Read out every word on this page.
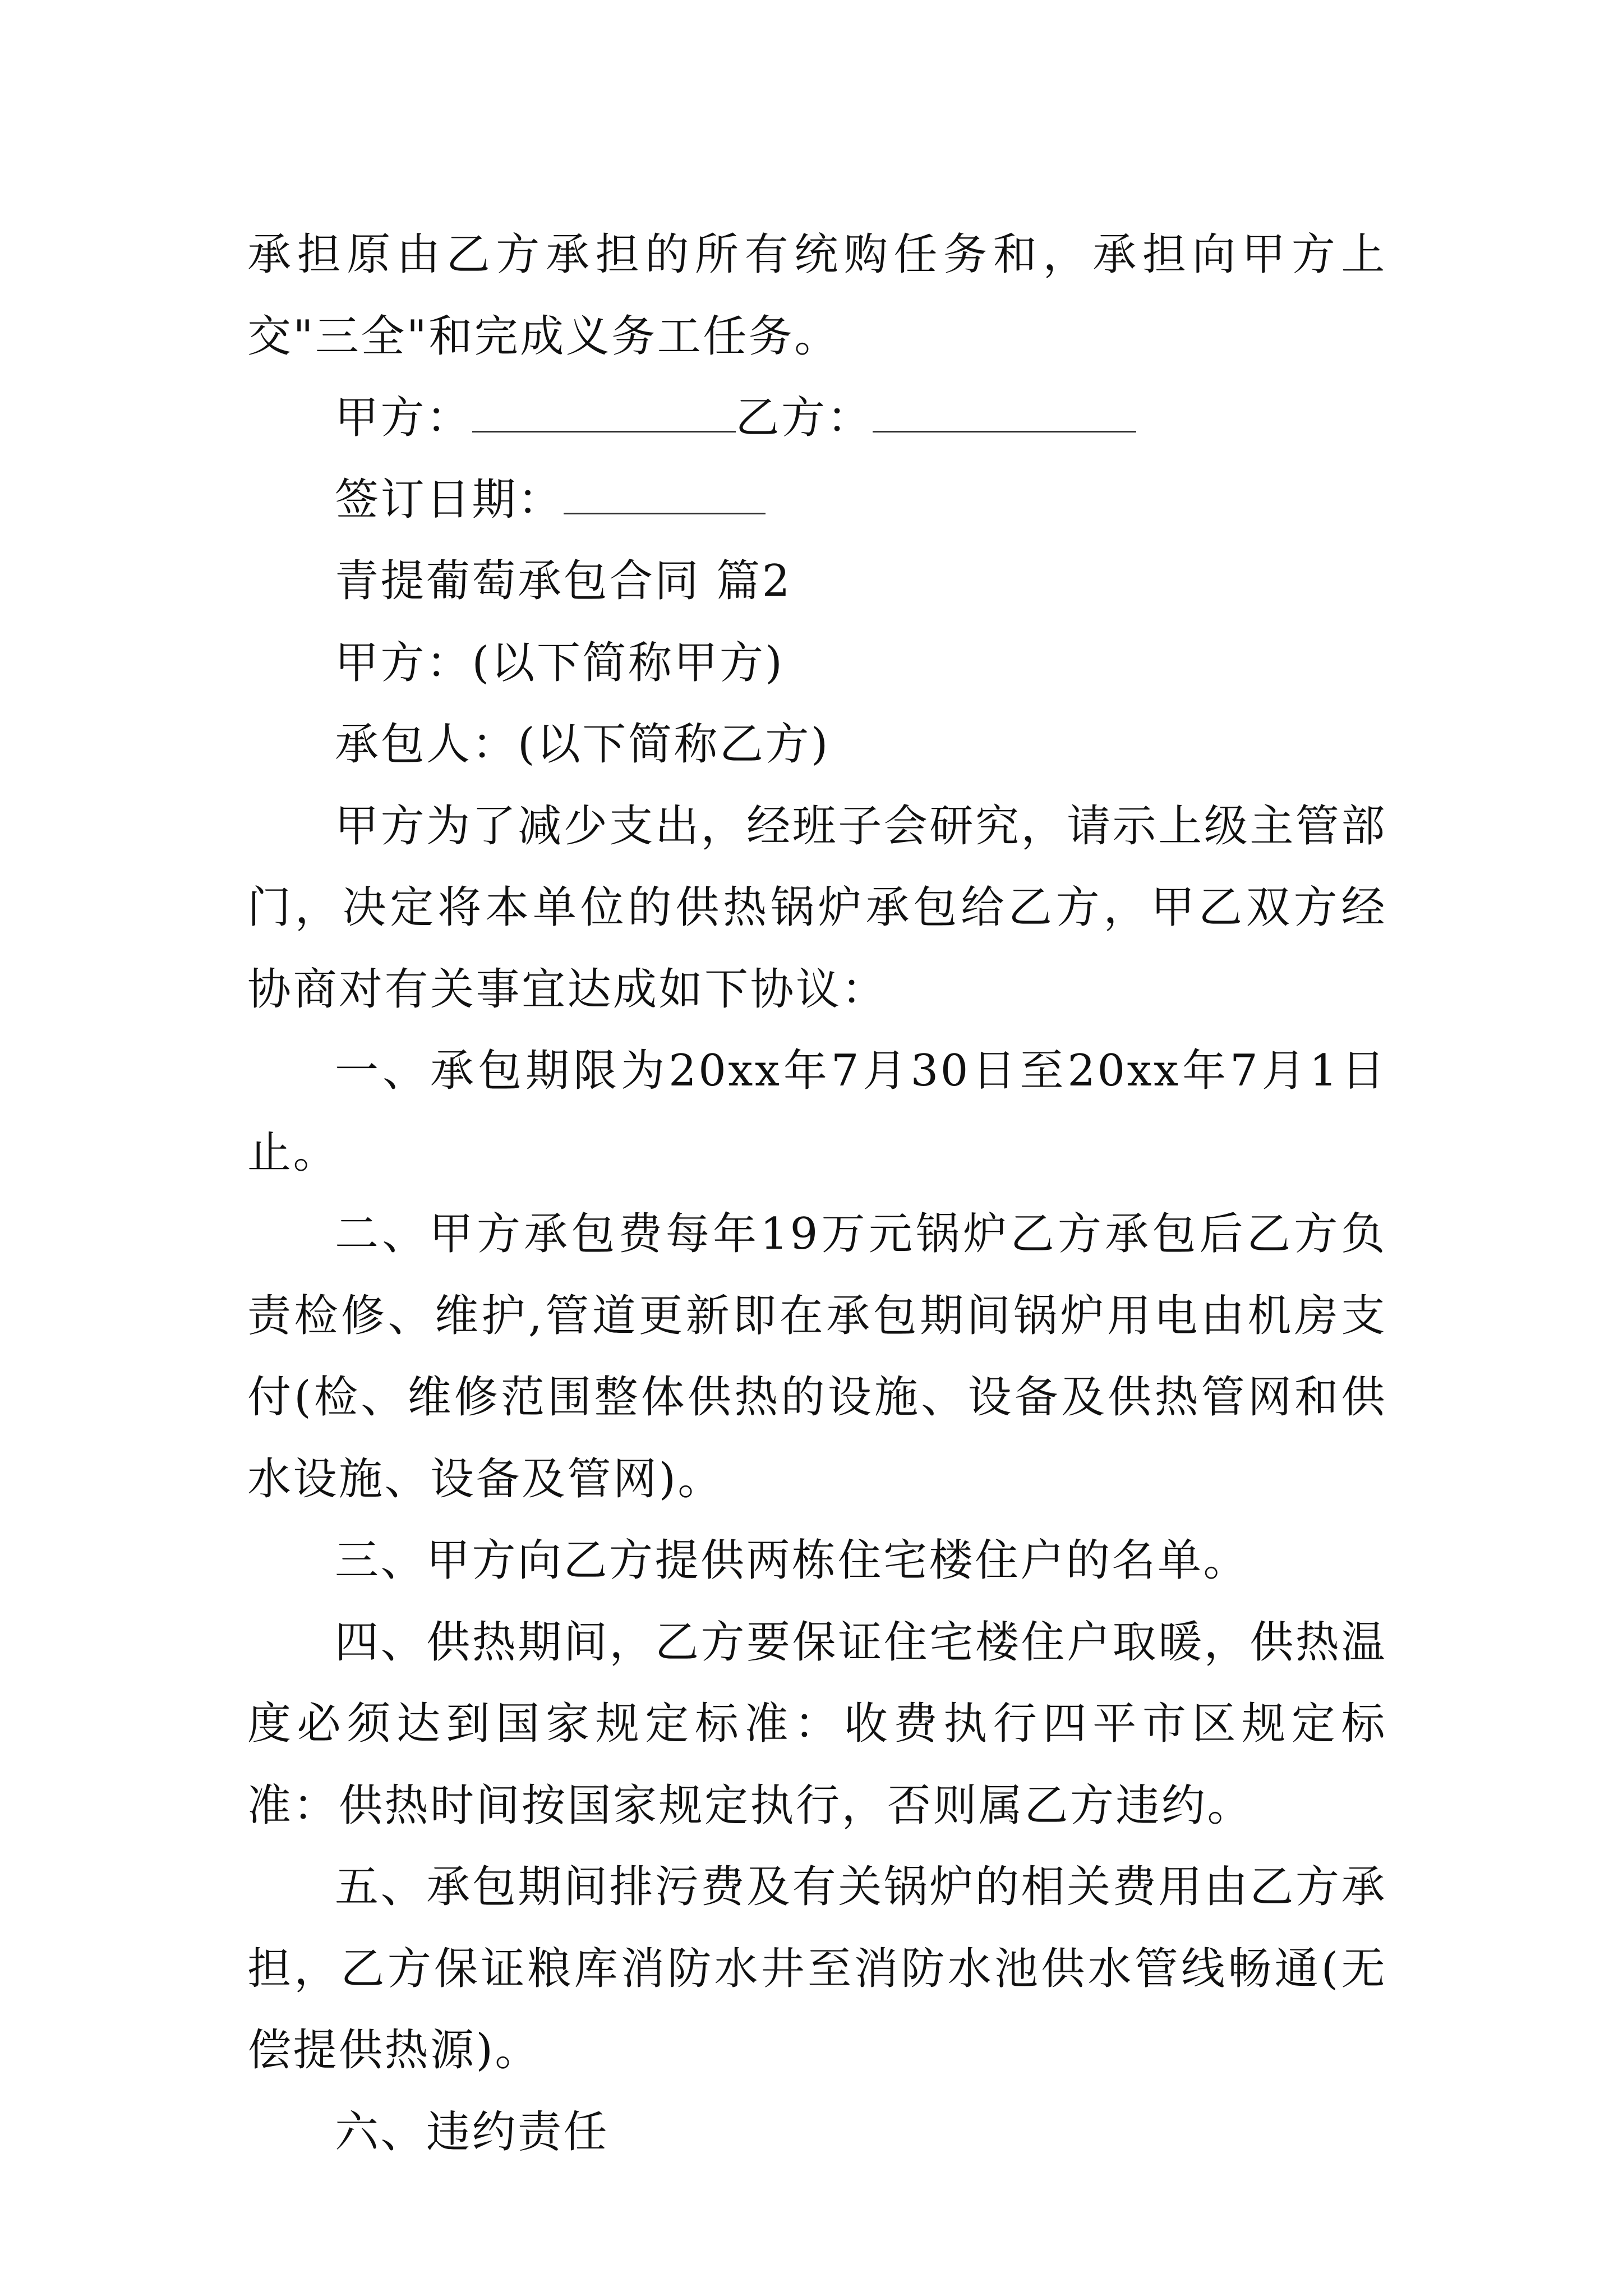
承担原由乙方承担的所有统购任务和，承担向甲方上交"三全"和完成义务工任务。

甲方：	乙方：

签订日期：

青提葡萄承包合同 篇2

甲方：(以下简称甲方)

承包人：(以下简称乙方)

甲方为了减少支出，经班子会研究，请示上级主管部门，决定将本单位的供热锅炉承包给乙方，甲乙双方经协商对有关事宜达成如下协议：

一、承包期限为20xx年7月30日至20xx年7月1日止。

二、甲方承包费每年19万元锅炉乙方承包后乙方负责检修、维护,管道更新即在承包期间锅炉用电由机房支付(检、维修范围整体供热的设施、设备及供热管网和供水设施、设备及管网)。

三、甲方向乙方提供两栋住宅楼住户的名单。

四、供热期间，乙方要保证住宅楼住户取暖，供热温度必须达到国家规定标准：收费执行四平市区规定标准：供热时间按国家规定执行，否则属乙方违约。

五、承包期间排污费及有关锅炉的相关费用由乙方承担，乙方保证粮库消防水井至消防水池供水管线畅通(无偿提供热源)。

六、违约责任
